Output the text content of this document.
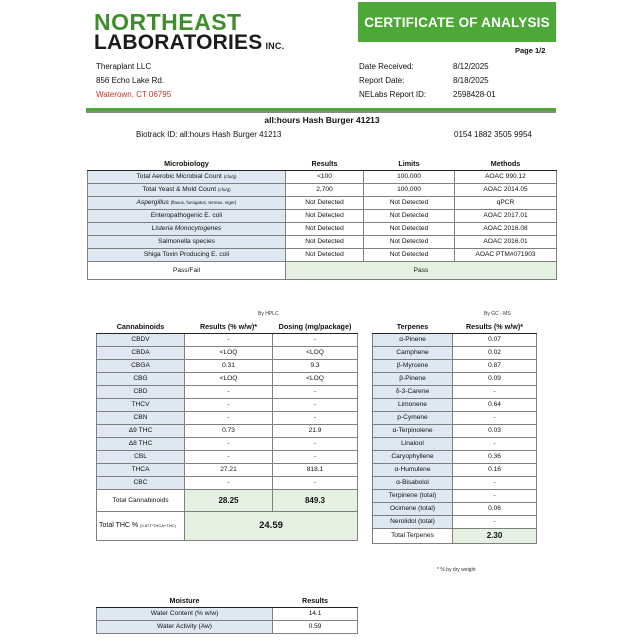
NORTHEAST
LABORATORIES INC.
CERTIFICATE OF ANALYSIS
Page 1/2
Theraplant LLC
856 Echo Lake Rd.
Waterown, CT 06795
Date Received:	8/12/2025
Report Date:	8/18/2025
NELabs Report ID:	2598428-01
all:hours Hash Burger 41213
Biotrack ID: all:hours Hash Burger 41213	0154 1882 3505 9954
Microbiology	Results	Limits	Methods
Total Aerobic Microbial Count (cfu/g)	<100	100,000	AOAC 990.12
Total Yeast & Mold Count (cfu/g)	2,700	100,000	AOAC 2014.05
Aspergillus (flavus, fumigatus, terreus, niger)	Not Detected	Not Detected	qPCR
Enteropathogenic E. coli	Not Detected	Not Detected	AOAC 2017.01
Listeria Monocytogenes	Not Detected	Not Detected	AOAC 2016.08
Salmonella species	Not Detected	Not Detected	AOAC 2016.01
Shiga Toxin Producing E. coli	Not Detected	Not Detected	AOAC PTM#071903
Pass/Fail	Pass		
By HPLC	By GC - MS
Cannabinoids	Results (% w/w)*	Dosing (mg/package)
CBDV	-	-
CBDA	<LOQ	<LOQ
CBGA	0.31	9.3
CBG	<LOQ	<LOQ
CBD	-	-
THCV	-	-
CBN	-	-
Δ9 THC	0.73	21.9
Δ8 THC	-	-
CBL	-	-
THCA	27.21	818.1
CBC	-	-
Total Cannabinoids	28.25	849.3
Total THC % (0.877*THCA+THC)	24.59	
Terpenes	Results (% w/w)*
α-Pinene	0.07
Camphene	0.02
β-Myrcene	0.87
β-Pinene	0.09
δ-3-Carene	-
Limonene	0.64
p-Cymene	-
α-Terpinolene	0.03
Linalool	-
Caryophyllene	0.36
α-Humulene	0.16
α-Bisabolol	-
Terpinene (total)	-
Ocimene (total)	0.06
Nerolidol (total)	-
Total Terpenes	2.30
* % by dry weight
Moisture	Results
Water Content (% w/w)	14.1
Water Activity (Aw)	0.59
